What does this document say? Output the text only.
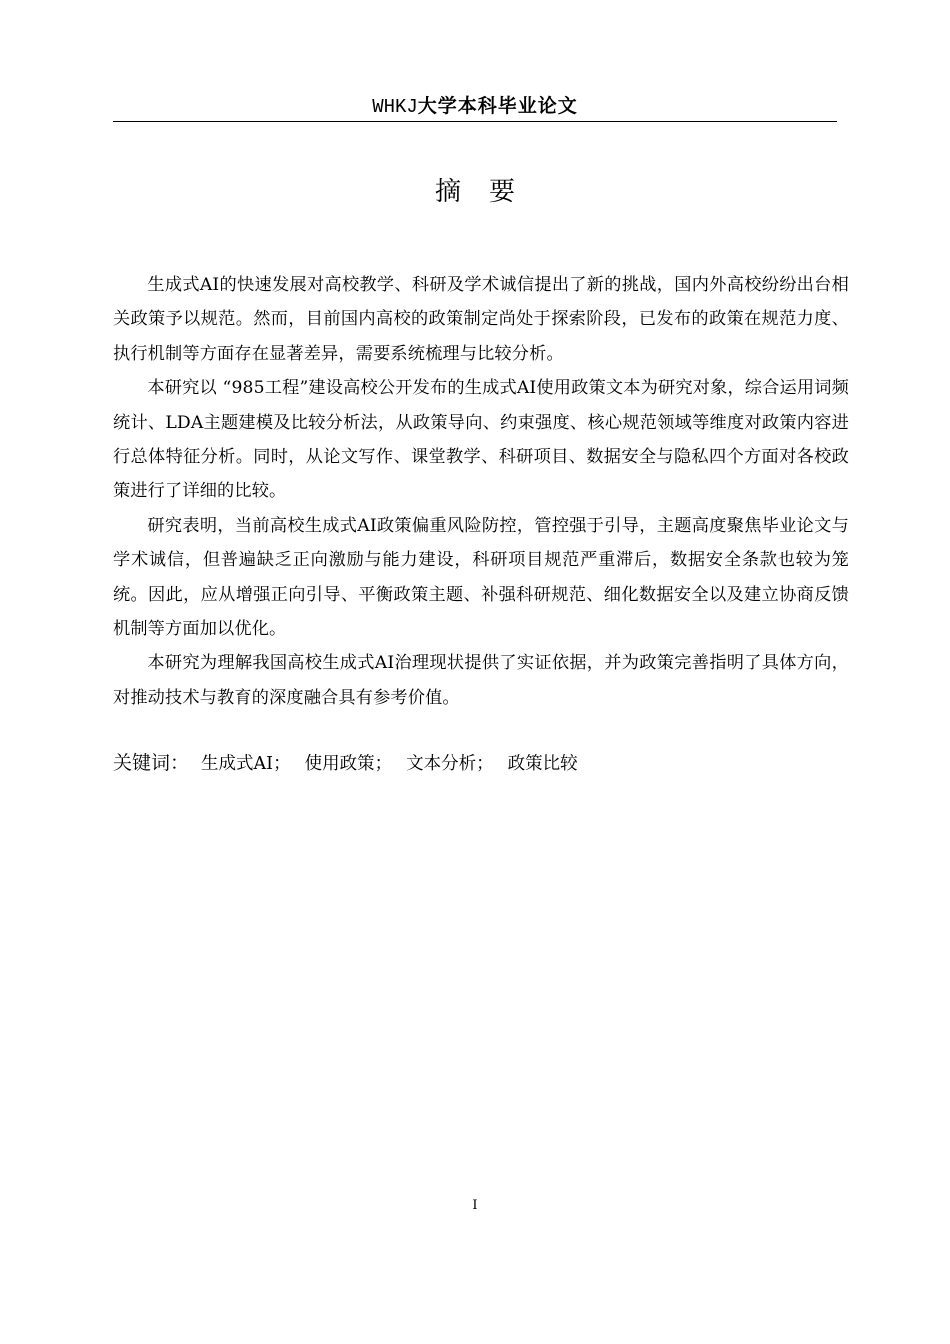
WHKJ大学本科毕业论文
摘要

生成式AI的快速发展对高校教学、科研及学术诚信提出了新的挑战，国内外高校纷纷出台相关政策予以规范。然而，目前国内高校的政策制定尚处于探索阶段，已发布的政策在规范力度、执行机制等方面存在显著差异，需要系统梳理与比较分析。

本研究以 “985工程”建设高校公开发布的生成式AI使用政策文本为研究对象，综合运用词频统计、LDA主题建模及比较分析法，从政策导向、约束强度、核心规范领域等维度对政策内容进行总体特征分析。同时，从论文写作、课堂教学、科研项目、数据安全与隐私四个方面对各校政策进行了详细的比较。

研究表明，当前高校生成式AI政策偏重风险防控，管控强于引导，主题高度聚焦毕业论文与学术诚信，但普遍缺乏正向激励与能力建设，科研项目规范严重滞后，数据安全条款也较为笼统。因此，应从增强正向引导、平衡政策主题、补强科研规范、细化数据安全以及建立协商反馈机制等方面加以优化。

本研究为理解我国高校生成式AI治理现状提供了实证依据，并为政策完善指明了具体方向，对推动技术与教育的深度融合具有参考价值。

关键词： 生成式AI； 使用政策； 文本分析； 政策比较
I
